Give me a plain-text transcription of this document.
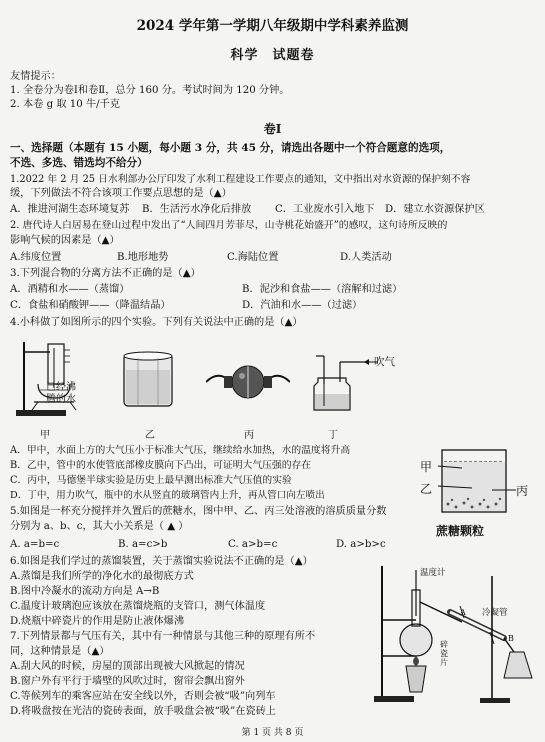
2024 学年第一学期八年级期中学科素养监测
科学　试题卷
友情提示：
1. 全卷分为卷Ⅰ和卷Ⅱ，总分 160 分。考试时间为 120 分钟。
2. 本卷 g 取 10 牛/千克
卷Ⅰ
一、选择题（本题有 15 小题，每小题 3 分，共 45 分，请选出各题中一个符合题意的选项，
不选、多选、错选均不给分）
1.2022 年 2 月 25 日水利部办公厅印发了水利工程建设工作要点的通知，文中指出对水资源的保护刻不容
缓，下列做法不符合该项工作要点思想的是（▲）
A．推进河湖生态环境复苏 B．生活污水净化后排放 C．工业废水引入地下 D．建立水资源保护区
2. 唐代诗人白居易在登山过程中发出了“人间四月芳菲尽，山寺桃花始盛开”的感叹，这句诗所反映的
影响气候的因素是（▲）
A.纬度位置	B.地形地势	C.海陆位置	D.人类活动
3.下列混合物的分离方法不正确的是（▲）
A．酒精和水——（蒸馏）	B．泥沙和食盐——（溶解和过滤）
C．食盐和硝酸钾——（降温结晶）	D．汽油和水——（过滤）
4.小科做了如图所示的四个实验。下列有关说法中正确的是（▲）
已经沸
腾的水
甲	乙	丙
吹气
丁
A．甲中，水面上方的大气压小于标准大气压，继续给水加热，水的温度将升高
B．乙中，管中的水使管底部橡皮膜向下凸出，可证明大气压强的存在
C．丙中，马德堡半球实验是历史上最早测出标准大气压值的实验
D．丁中，用力吹气，瓶中的水从竖直的玻璃管内上升，再从管口向左喷出
甲
乙	丙
蔗糖颗粒
5.如图是一杯充分搅拌并久置后的蔗糖水，图中甲、乙、丙三处溶液的溶质质量分数
分别为 a、b、c，其大小关系是（ ▲ ）
A. a=b=c	B. a=c>b	C. a>b=c	D. a>b>c
6.如图是我们学过的蒸馏装置，关于蒸馏实验说法不正确的是（▲）
A.蒸馏是我们所学的净化水的最彻底方式
B.图中冷凝水的流动方向是 A→B
C.温度计玻璃泡应该放在蒸馏烧瓶的支管口，测气体温度
D.烧瓶中碎瓷片的作用是防止液体爆沸
温度计
冷凝管
碎瓷片
A
B
7.下列情景都与气压有关，其中有一种情景与其他三种的原理有所不
同，这种情景是（▲）
A.刮大风的时候，房屋的顶部出现被大风掀起的情况
B.窗户外有平行于墙壁的风吹过时，窗帘会飘出窗外
C.等候列车的乘客应站在安全线以外，否则会被“吸”向列车
D.将吸盘按在光洁的瓷砖表面，放手吸盘会被“吸”在瓷砖上
第 1 页 共 8 页
